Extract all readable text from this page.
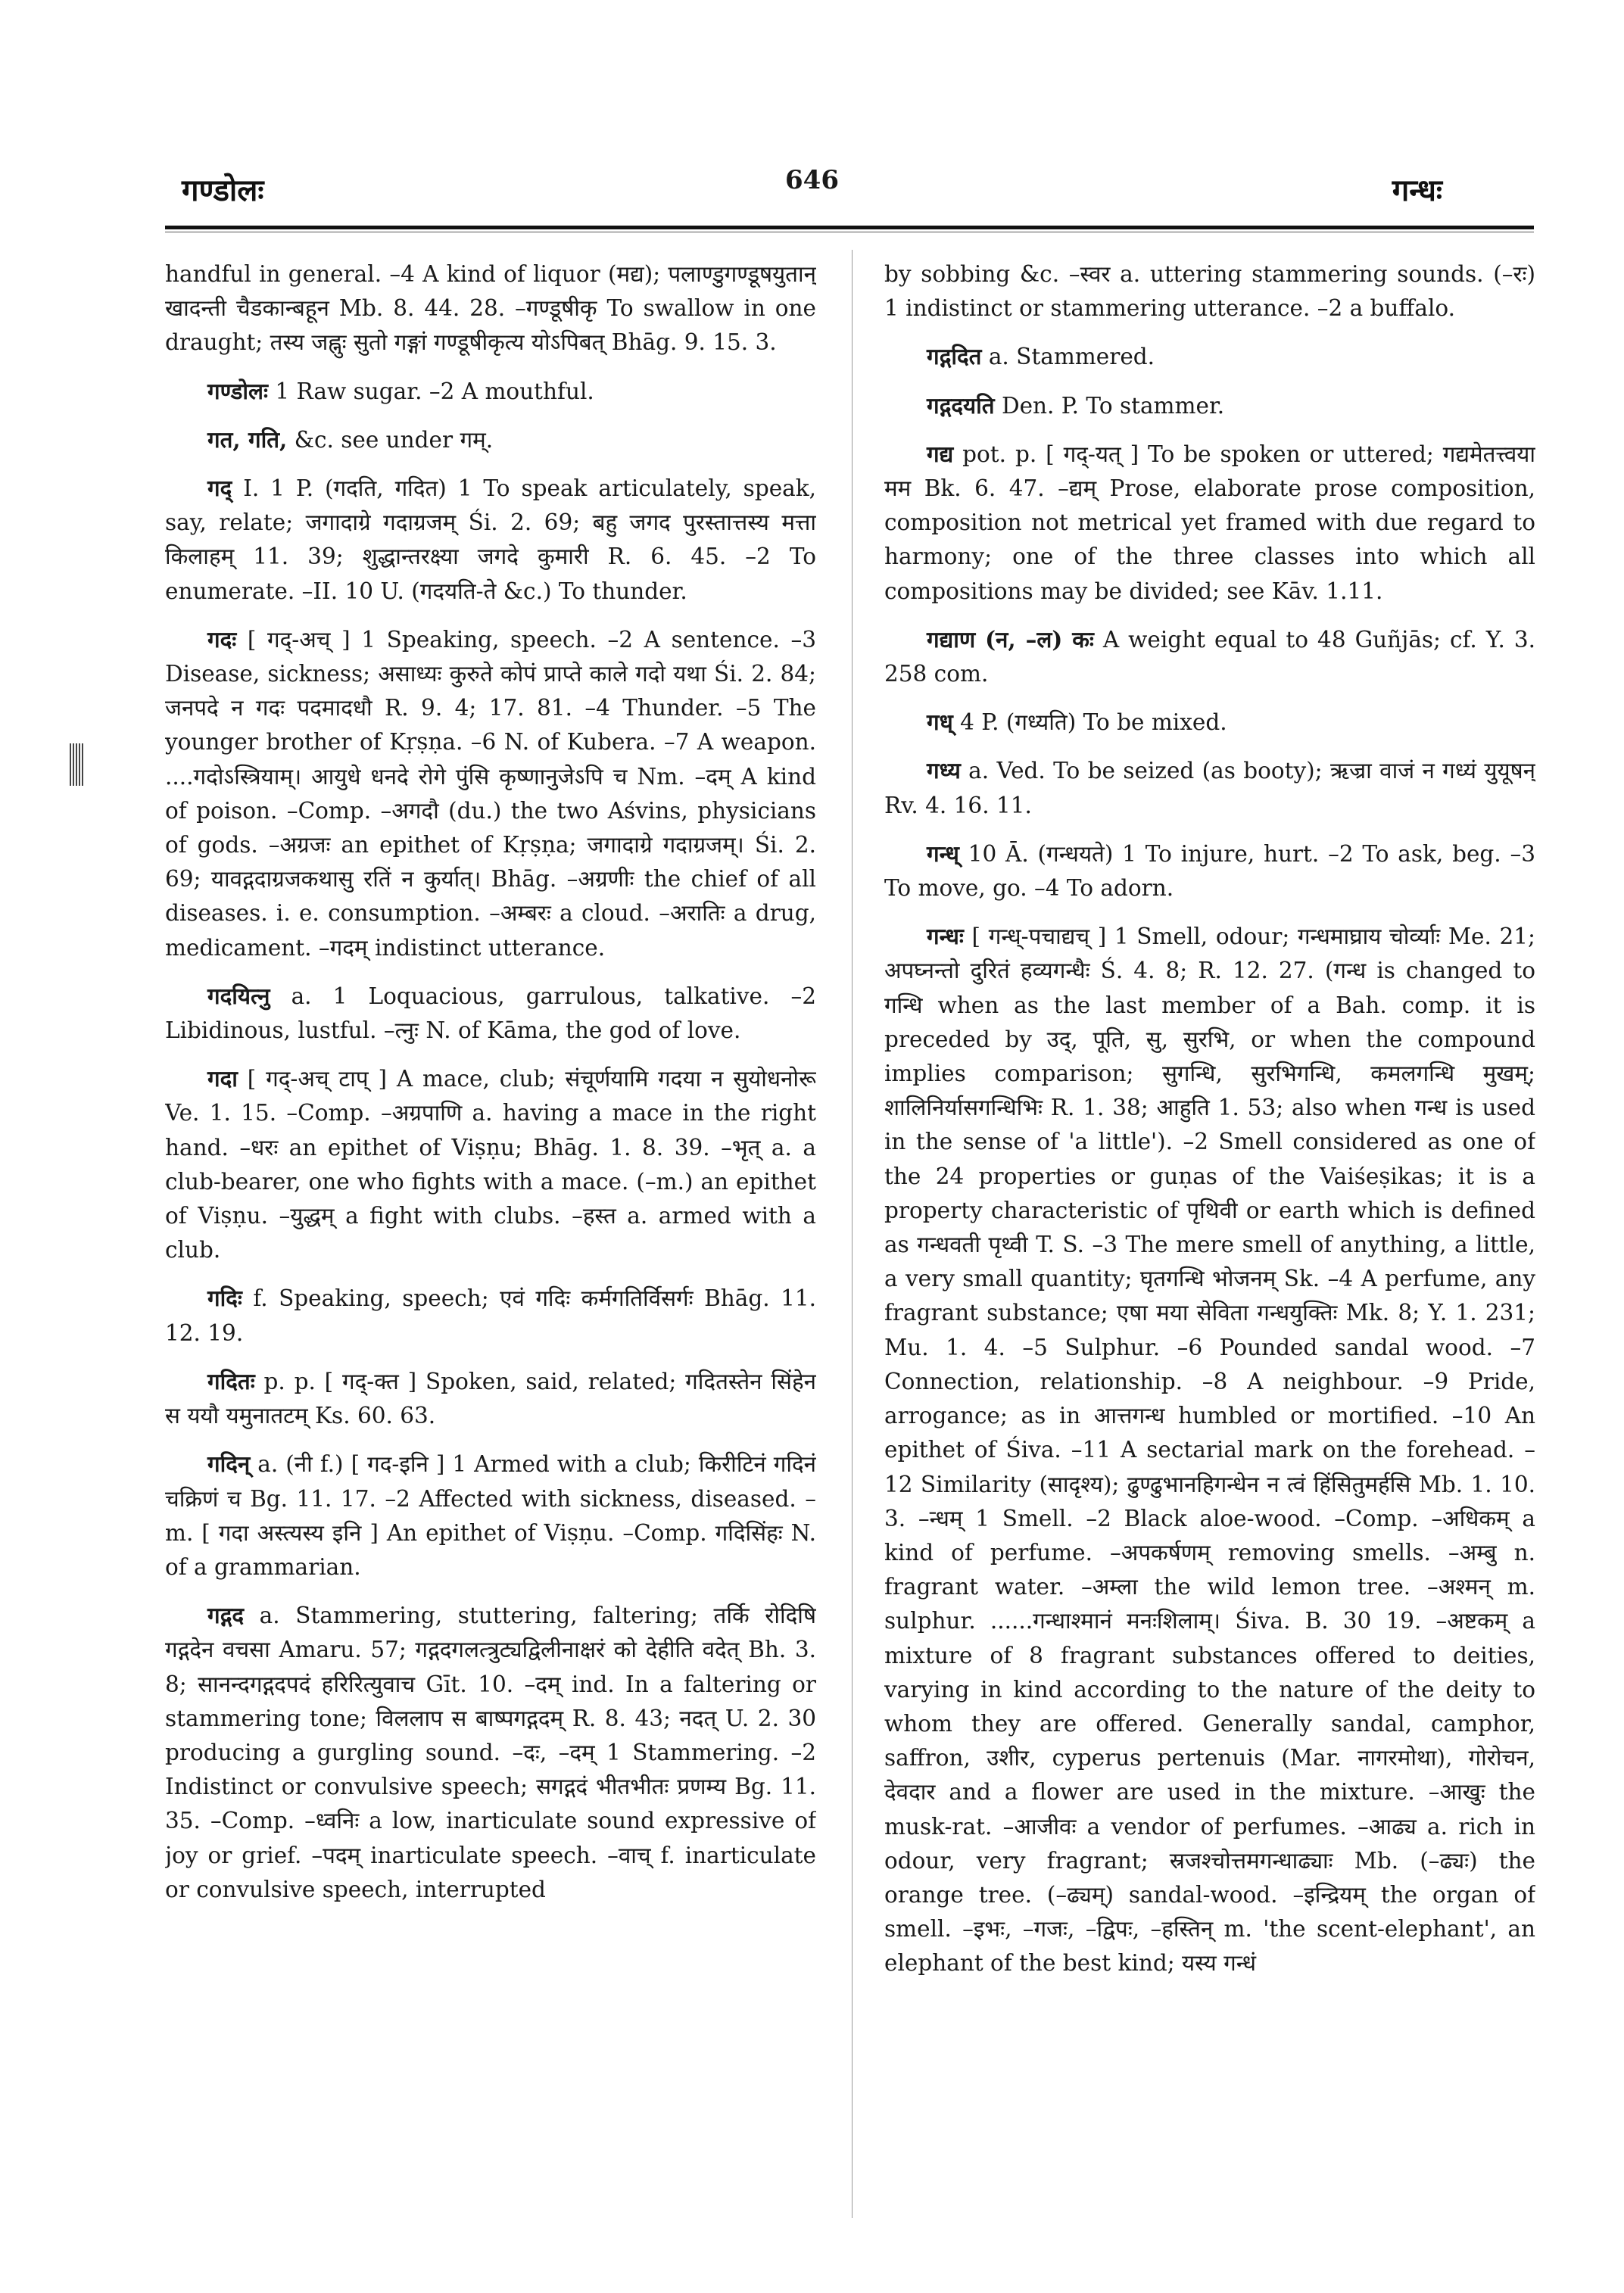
गण्डोलः	646	गन्धः

handful in general. –4 A kind of liquor (मद्य); पलाण्डुगण्डूषयुतान् खादन्ती चैडकान्बहून Mb. 8. 44. 28. –गण्डूषीकृ To swallow in one draught; तस्य जह्नुः सुतो गङ्गां गण्डूषीकृत्य योऽपिबत् Bhāg. 9. 15. 3.

गण्डोलः 1 Raw sugar. –2 A mouthful.

गत, गति, &c. see under गम्.

गद् I. 1 P. (गदति, गदित) 1 To speak articulately, speak, say, relate; जगादाग्रे गदाग्रजम् Śi. 2. 69; बहु जगद पुरस्तात्तस्य मत्ता किलाहम् 11. 39; शुद्धान्तरक्ष्या जगदे कुमारी R. 6. 45. –2 To enumerate. –II. 10 U. (गदयति-ते &c.) To thunder.

गदः [ गद्-अच् ] 1 Speaking, speech. –2 A sentence. –3 Disease, sickness; असाध्यः कुरुते कोपं प्राप्ते काले गदो यथा Śi. 2. 84; जनपदे न गदः पदमादधौ R. 9. 4; 17. 81. –4 Thunder. –5 The younger brother of Kṛṣṇa. –6 N. of Kubera. –7 A weapon. ....गदोऽस्त्रियाम्। आयुधे धनदे रोगे पुंसि कृष्णानुजेऽपि च Nm. –दम् A kind of poison. –Comp. –अगदौ (du.) the two Aśvins, physicians of gods. –अग्रजः an epithet of Kṛṣṇa; जगादाग्रे गदाग्रजम्। Śi. 2. 69; यावद्गदाग्रजकथासु रतिं न कुर्यात्। Bhāg. –अग्रणीः the chief of all diseases. i. e. consumption. –अम्बरः a cloud. –अरातिः a drug, medicament. –गदम् indistinct utterance.

गदयित्नु a. 1 Loquacious, garrulous, talkative. –2 Libidinous, lustful. –त्नुः N. of Kāma, the god of love.

गदा [ गद्-अच् टाप् ] A mace, club; संचूर्णयामि गदया न सुयोधनोरू Ve. 1. 15. –Comp. –अग्रपाणि a. having a mace in the right hand. –धरः an epithet of Viṣṇu; Bhāg. 1. 8. 39. –भृत् a. a club-bearer, one who fights with a mace. (–m.) an epithet of Viṣṇu. –युद्धम् a fight with clubs. –हस्त a. armed with a club.

गदिः f. Speaking, speech; एवं गदिः कर्मगतिर्विसर्गः Bhāg. 11. 12. 19.

गदितः p. p. [ गद्-क्त ] Spoken, said, related; गदितस्तेन सिंहेन स ययौ यमुनातटम् Ks. 60. 63.

गदिन् a. (नी f.) [ गद-इनि ] 1 Armed with a club; किरीटिनं गदिनं चक्रिणं च Bg. 11. 17. –2 Affected with sickness, diseased. –m. [ गदा अस्त्यस्य इनि ] An epithet of Viṣṇu. –Comp. गदिसिंहः N. of a grammarian.

गद्गद a. Stammering, stuttering, faltering; तर्कि रोदिषि गद्गदेन वचसा Amaru. 57; गद्गदगलत्त्रुट्यद्विलीनाक्षरं को देहीति वदेत् Bh. 3. 8; सानन्दगद्गदपदं हरिरित्युवाच Gīt. 10. –दम् ind. In a faltering or stammering tone; विललाप स बाष्पगद्गदम् R. 8. 43; नदत् U. 2. 30 producing a gurgling sound. –दः, –दम् 1 Stammering. –2 Indistinct or convulsive speech; सगद्गदं भीतभीतः प्रणम्य Bg. 11. 35. –Comp. –ध्वनिः a low, inarticulate sound expressive of joy or grief. –पदम् inarticulate speech. –वाच् f. inarticulate or convulsive speech, interrupted

by sobbing &c. –स्वर a. uttering stammering sounds. (–रः) 1 indistinct or stammering utterance. –2 a buffalo.

गद्गदित a. Stammered.

गद्गदयति Den. P. To stammer.

गद्य pot. p. [ गद्-यत् ] To be spoken or uttered; गद्यमेतत्त्वया मम Bk. 6. 47. –द्यम् Prose, elaborate prose composition, composition not metrical yet framed with due regard to harmony; one of the three classes into which all compositions may be divided; see Kāv. 1.11.

गद्याण (न, –ल) कः A weight equal to 48 Guñjās; cf. Y. 3. 258 com.

गध् 4 P. (गध्यति) To be mixed.

गध्य a. Ved. To be seized (as booty); ऋज्रा वाजं न गध्यं युयूषन् Rv. 4. 16. 11.

गन्ध् 10 Ā. (गन्धयते) 1 To injure, hurt. –2 To ask, beg. –3 To move, go. –4 To adorn.

गन्धः [ गन्ध्-पचाद्यच् ] 1 Smell, odour; गन्धमाघ्राय चोर्व्याः Me. 21; अपघ्नन्तो दुरितं हव्यगन्धैः Ś. 4. 8; R. 12. 27. (गन्ध is changed to गन्धि when as the last member of a Bah. comp. it is preceded by उद्, पूति, सु, सुरभि, or when the compound implies comparison; सुगन्धि, सुरभिगन्धि, कमलगन्धि मुखम्; शालिनिर्यासगन्धिभिः R. 1. 38; आहुति 1. 53; also when गन्ध is used in the sense of 'a little'). –2 Smell considered as one of the 24 properties or guṇas of the Vaiśeṣikas; it is a property characteristic of पृथिवी or earth which is defined as गन्धवती पृथ्वी T. S. –3 The mere smell of anything, a little, a very small quantity; घृतगन्धि भोजनम् Sk. –4 A perfume, any fragrant substance; एषा मया सेविता गन्धयुक्तिः Mk. 8; Y. 1. 231; Mu. 1. 4. –5 Sulphur. –6 Pounded sandal wood. –7 Connection, relationship. –8 A neighbour. –9 Pride, arrogance; as in आत्तगन्ध humbled or mortified. –10 An epithet of Śiva. –11 A sectarial mark on the forehead. –12 Similarity (सादृश्य); ढुण्ढुभानहिगन्धेन न त्वं हिंसितुमर्हसि Mb. 1. 10. 3. –न्धम् 1 Smell. –2 Black aloe-wood. –Comp. –अधिकम् a kind of perfume. –अपकर्षणम् removing smells. –अम्बु n. fragrant water. –अम्ला the wild lemon tree. –अश्मन् m. sulphur. ......गन्धाश्मानं मनःशिलाम्। Śiva. B. 30 19. –अष्टकम् a mixture of 8 fragrant substances offered to deities, varying in kind according to the nature of the deity to whom they are offered. Generally sandal, camphor, saffron, उशीर, cyperus pertenuis (Mar. नागरमोथा), गोरोचन, देवदार and a flower are used in the mixture. –आखुः the musk-rat. –आजीवः a vendor of perfumes. –आढ्य a. rich in odour, very fragrant; स्रजश्चोत्तमगन्धाढ्याः Mb. (–ढ्यः) the orange tree. (–ढ्यम्) sandal-wood. –इन्द्रियम् the organ of smell. –इभः, –गजः, –द्विपः, –हस्तिन् m. 'the scent-elephant', an elephant of the best kind; यस्य गन्धं
